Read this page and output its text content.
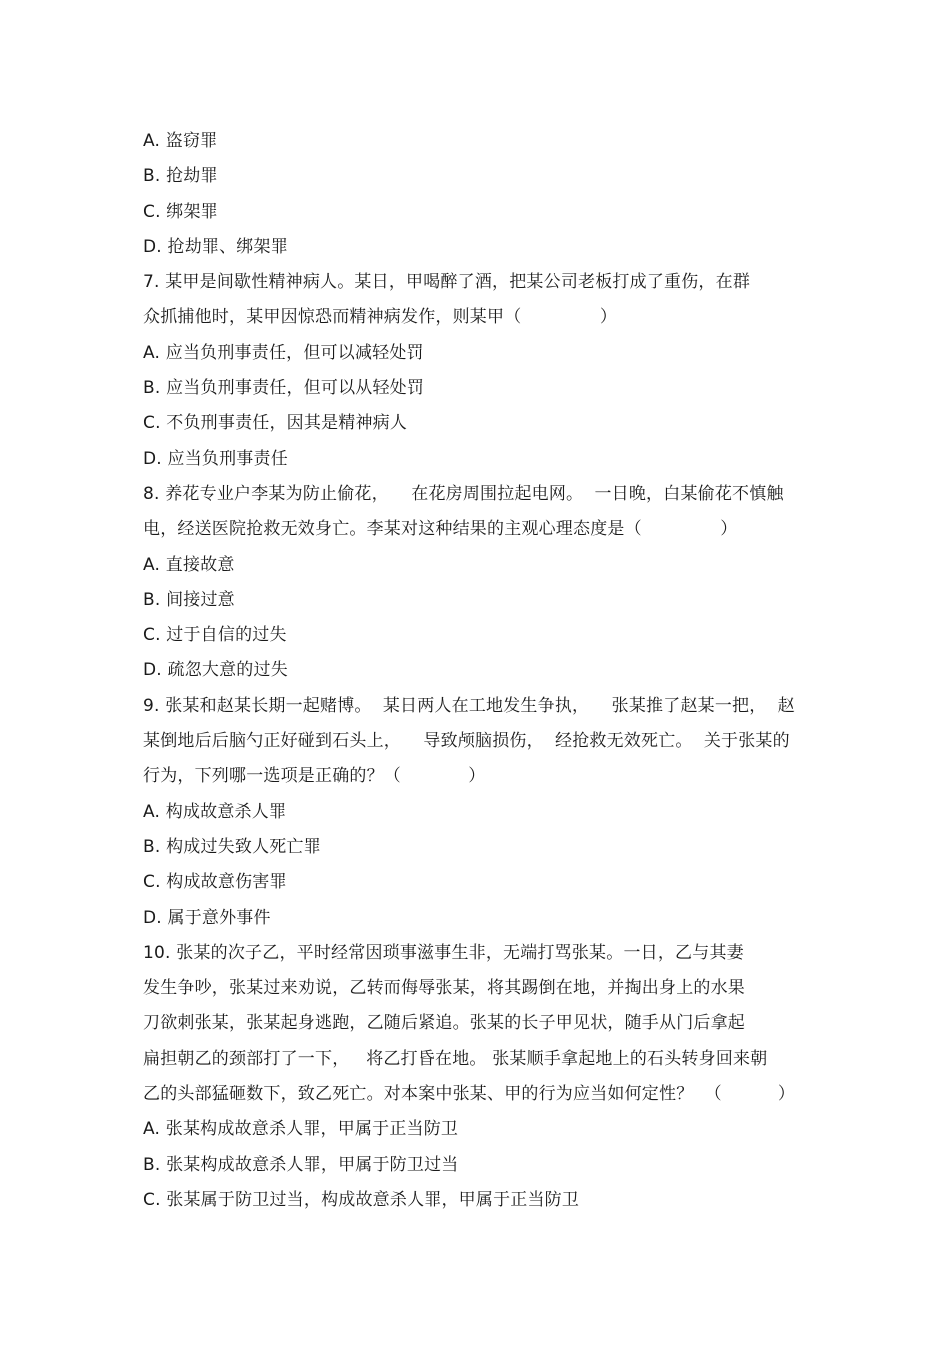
A. 盗窃罪
B. 抢劫罪
C. 绑架罪
D. 抢劫罪、绑架罪
7. 某甲是间歇性精神病人。某日，甲喝醉了酒，把某公司老板打成了重伤，在群
众抓捕他时，某甲因惊恐而精神病发作，则某甲（              ）
A. 应当负刑事责任，但可以减轻处罚
B. 应当负刑事责任，但可以从轻处罚
C. 不负刑事责任，因其是精神病人
D. 应当负刑事责任
8. 养花专业户李某为防止偷花，    在花房周围拉起电网。  一日晚，白某偷花不慎触
电，经送医院抢救无效身亡。李某对这种结果的主观心理态度是（              ）
A. 直接故意
B. 间接过意
C. 过于自信的过失
D. 疏忽大意的过失
9. 张某和赵某长期一起赌博。  某日两人在工地发生争执，    张某推了赵某一把，  赵
某倒地后后脑勺正好碰到石头上，    导致颅脑损伤，  经抢救无效死亡。  关于张某的
行为，下列哪一选项是正确的？（            ）
A. 构成故意杀人罪
B. 构成过失致人死亡罪
C. 构成故意伤害罪
D. 属于意外事件
10. 张某的次子乙，平时经常因琐事滋事生非，无端打骂张某。一日，乙与其妻
发生争吵，张某过来劝说，乙转而侮辱张某，将其踢倒在地，并掏出身上的水果
刀欲刺张某，张某起身逃跑，乙随后紧追。张某的长子甲见状，随手从门后拿起
扁担朝乙的颈部打了一下，   将乙打昏在地。 张某顺手拿起地上的石头转身回来朝
乙的头部猛砸数下，致乙死亡。对本案中张某、甲的行为应当如何定性？  （          ）
A. 张某构成故意杀人罪，甲属于正当防卫
B. 张某构成故意杀人罪，甲属于防卫过当
C. 张某属于防卫过当，构成故意杀人罪，甲属于正当防卫
